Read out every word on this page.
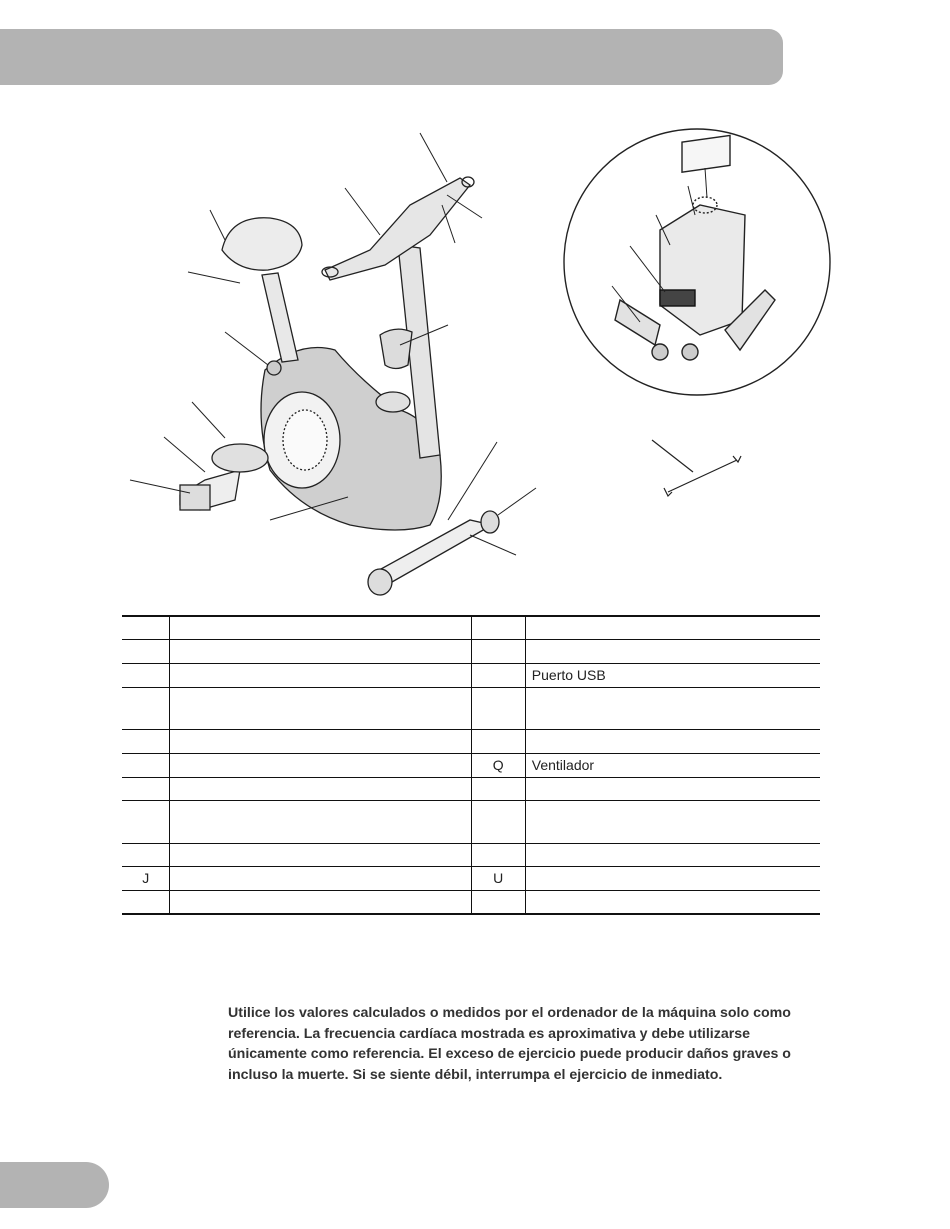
			Puerto USB

		Q	Ventilador

J		U	

Utilice los valores calculados o medidos por el ordenador de la máquina solo como
referencia. La frecuencia cardíaca mostrada es aproximativa y debe utilizarse
únicamente como referencia. El exceso de ejercicio puede producir daños graves o
incluso la muerte. Si se siente débil, interrumpa el ejercicio de inmediato.
